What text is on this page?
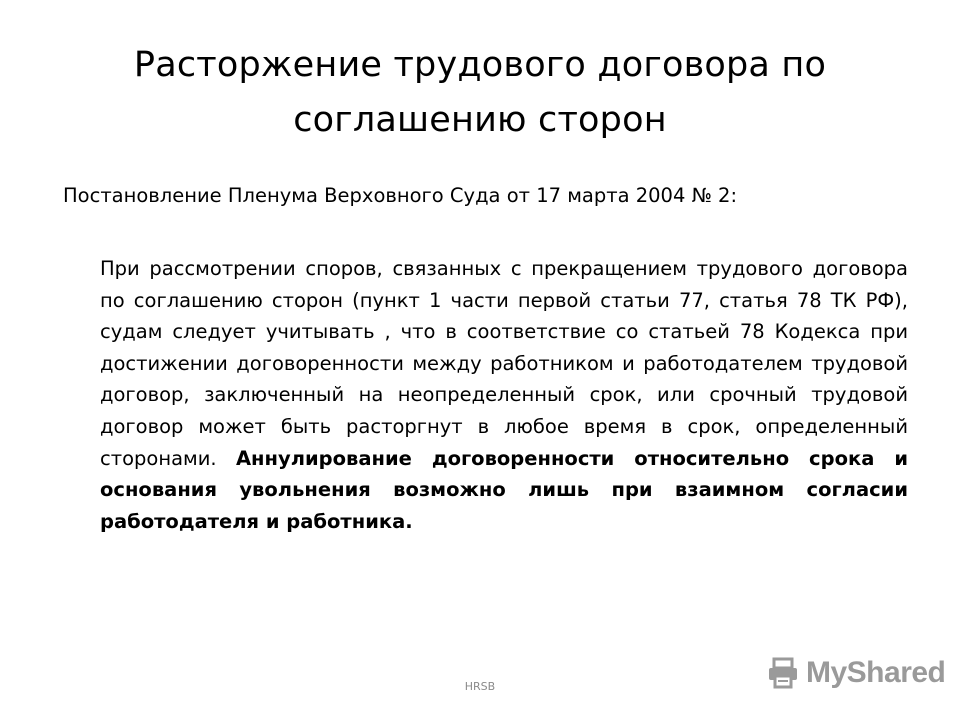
Расторжение трудового договора по соглашению сторон

Постановление Пленума Верховного Суда от 17 марта 2004 № 2:

При рассмотрении споров, связанных с прекращением трудового договора по соглашению сторон (пункт 1 части первой статьи 77, статья 78 ТК РФ), судам следует учитывать , что в соответствие со статьей 78 Кодекса при достижении договоренности между работником и работодателем трудовой договор, заключенный на неопределенный срок, или срочный трудовой договор может быть расторгнут в любое время в срок, определенный сторонами. Аннулирование договоренности относительно срока и основания увольнения возможно лишь при взаимном согласии работодателя и работника.

HRSB	MyShared
